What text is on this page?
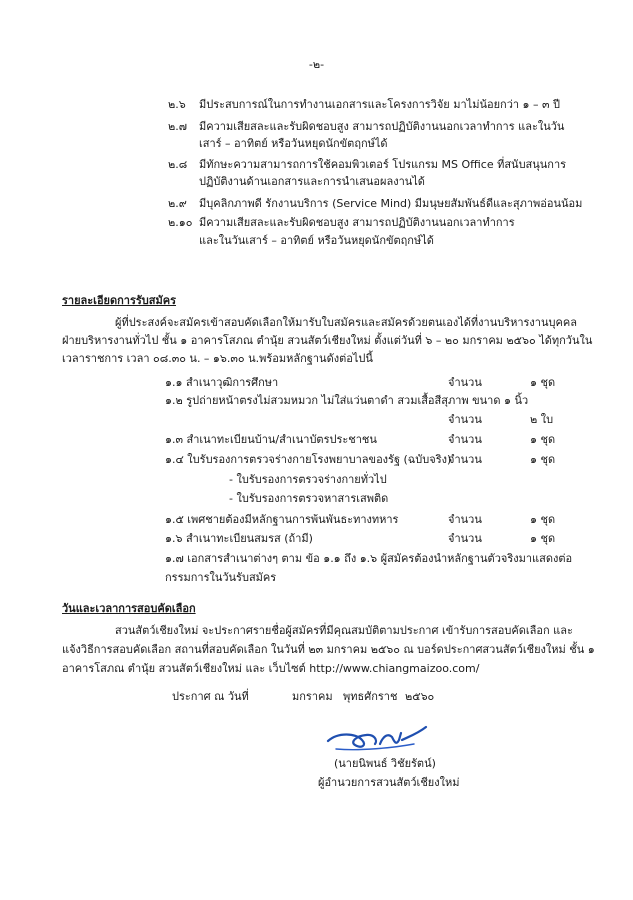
-๒-
๒.๖ มีประสบการณ์ในการทำงานเอกสารและโครงการวิจัย มาไม่น้อยกว่า ๑ – ๓ ปี
๒.๗ มีความเสียสละและรับผิดชอบสูง สามารถปฏิบัติงานนอกเวลาทำการ และในวัน
เสาร์ – อาทิตย์ หรือวันหยุดนักขัตฤกษ์ได้
๒.๘ มีทักษะความสามารถการใช้คอมพิวเตอร์ โปรแกรม MS Office ที่สนับสนุนการ
ปฏิบัติงานด้านเอกสารและการนำเสนอผลงานได้
๒.๙ มีบุคลิกภาพดี รักงานบริการ (Service Mind) มีมนุษยสัมพันธ์ดีและสุภาพอ่อนน้อม
๒.๑๐ มีความเสียสละและรับผิดชอบสูง สามารถปฏิบัติงานนอกเวลาทำการ
และในวันเสาร์ – อาทิตย์ หรือวันหยุดนักขัตฤกษ์ได้
รายละเอียดการรับสมัคร
ผู้ที่ประสงค์จะสมัครเข้าสอบคัดเลือกให้มารับใบสมัครและสมัครด้วยตนเองได้ที่งานบริหารงานบุคคล
ฝ่ายบริหารงานทั่วไป ชั้น ๑ อาคารโสภณ ตำนุ้ย สวนสัตว์เชียงใหม่ ตั้งแต่วันที่ ๖ – ๒๐ มกราคม ๒๕๖๐ ได้ทุกวันใน
เวลาราชการ เวลา ๐๘.๓๐ น. – ๑๖.๓๐ น.พร้อมหลักฐานดังต่อไปนี้
๑.๑ สำเนาวุฒิการศึกษา	จำนวน	๑ ชุด
๑.๒ รูปถ่ายหน้าตรงไม่สวมหมวก ไม่ใส่แว่นตาดำ สวมเสื้อสีสุภาพ ขนาด ๑ นิ้ว
จำนวน	๒ ใบ
๑.๓ สำเนาทะเบียนบ้าน/สำเนาบัตรประชาชน	จำนวน	๑ ชุด
๑.๔ ใบรับรองการตรวจร่างกายโรงพยาบาลของรัฐ (ฉบับจริง)
จำนวน	๑ ชุด
- ใบรับรองการตรวจร่างกายทั่วไป
- ใบรับรองการตรวจหาสารเสพติด
๑.๕ เพศชายต้องมีหลักฐานการพ้นพันธะทางทหาร	จำนวน	๑ ชุด
๑.๖ สำเนาทะเบียนสมรส (ถ้ามี)	จำนวน	๑ ชุด
๑.๗ เอกสารสำเนาต่างๆ ตาม ข้อ ๑.๑ ถึง ๑.๖ ผู้สมัครต้องนำหลักฐานตัวจริงมาแสดงต่อ
กรรมการในวันรับสมัคร
วันและเวลาการสอบคัดเลือก
สวนสัตว์เชียงใหม่ จะประกาศรายชื่อผู้สมัครที่มีคุณสมบัติตามประกาศ เข้ารับการสอบคัดเลือก และ
แจ้งวิธีการสอบคัดเลือก สถานที่สอบคัดเลือก ในวันที่ ๒๓ มกราคม ๒๕๖๐ ณ บอร์ดประกาศสวนสัตว์เชียงใหม่ ชั้น ๑
อาคารโสภณ ตำนุ้ย สวนสัตว์เชียงใหม่ และ เว็บไซต์ http://www.chiangmaizoo.com/
ประกาศ ณ วันที่	มกราคม พุทธศักราช ๒๕๖๐
(นายนิพนธ์ วิชัยรัตน์)
ผู้อำนวยการสวนสัตว์เชียงใหม่
